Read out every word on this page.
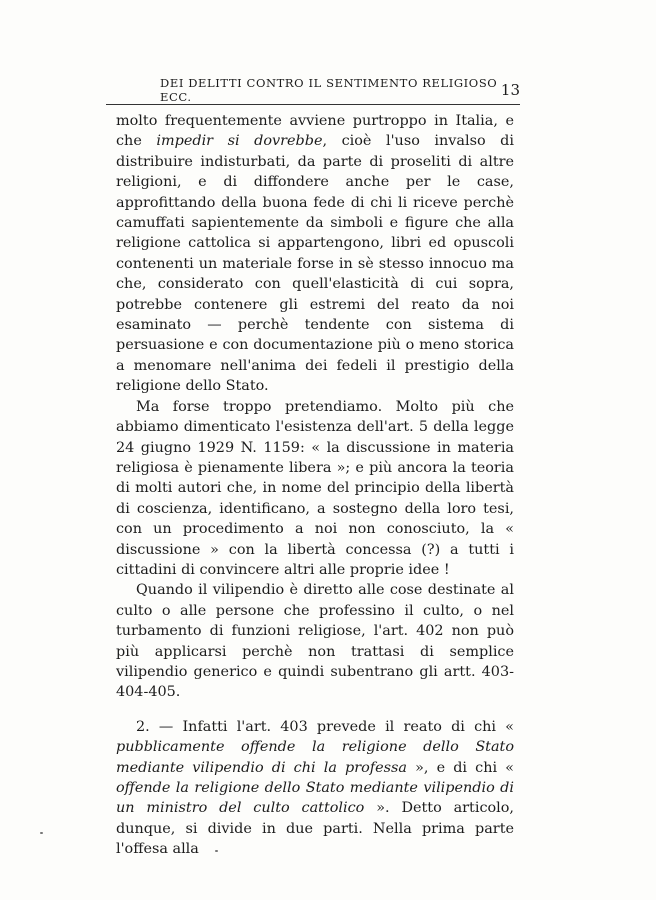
DEI DELITTI CONTRO IL SENTIMENTO RELIGIOSO ECC.	13

molto frequentemente avviene purtroppo in Italia, e che impedir si dovrebbe, cioè l'uso invalso di distribuire indisturbati, da parte di proseliti di altre religioni, e di diffondere anche per le case, approfittando della buona fede di chi li riceve perchè camuffati sapientemente da simboli e figure che alla religione cattolica si appartengono, libri ed opuscoli contenenti un materiale forse in sè stesso innocuo ma che, considerato con quell'elasticità di cui sopra, potrebbe contenere gli estremi del reato da noi esaminato — perchè tendente con sistema di persuasione e con documentazione più o meno storica a menomare nell'anima dei fedeli il prestigio della religione dello Stato.

Ma forse troppo pretendiamo. Molto più che abbiamo dimenticato l'esistenza dell'art. 5 della legge 24 giugno 1929 N. 1159: « la discussione in materia religiosa è pienamente libera »; e più ancora la teoria di molti autori che, in nome del principio della libertà di coscienza, identificano, a sostegno della loro tesi, con un procedimento a noi non conosciuto, la « discussione » con la libertà concessa (?) a tutti i cittadini di convincere altri alle proprie idee !

Quando il vilipendio è diretto alle cose destinate al culto o alle persone che professino il culto, o nel turbamento di funzioni religiose, l'art. 402 non può più applicarsi perchè non trattasi di semplice vilipendio generico e quindi subentrano gli artt. 403-404-405.

2. — Infatti l'art. 403 prevede il reato di chi « pubblicamente offende la religione dello Stato mediante vilipendio di chi la professa », e di chi « offende la religione dello Stato mediante vilipendio di un ministro del culto cattolico ». Detto articolo, dunque, si divide in due parti. Nella prima parte l'offesa alla
